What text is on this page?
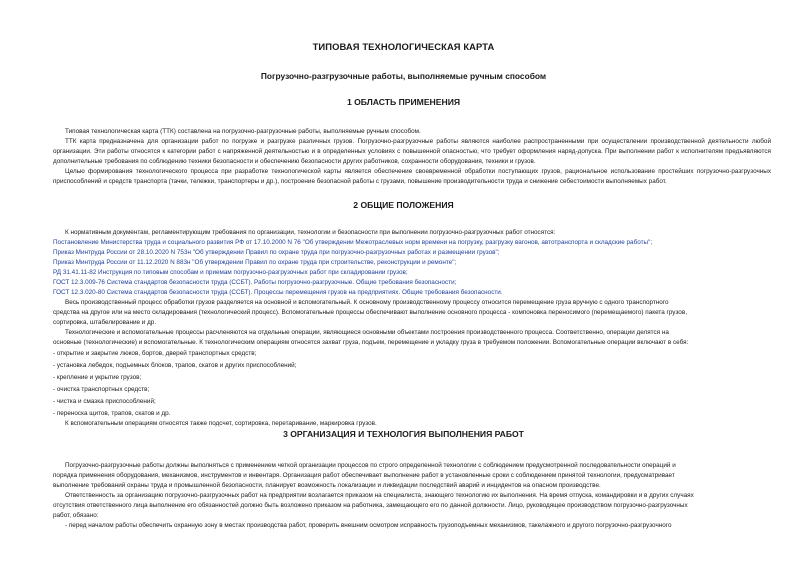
ТИПОВАЯ ТЕХНОЛОГИЧЕСКАЯ КАРТА
Погрузочно-разгрузочные работы, выполняемые ручным способом
1 ОБЛАСТЬ ПРИМЕНЕНИЯ
Типовая технологическая карта (ТТК) составлена на погрузочно-разгрузочные работы, выполняемые ручным способом.
ТТК карта предназначена для организации работ по погрузке и разгрузке различных грузов. Погрузочно-разгрузочные работы являются наиболее распространенными при осуществлении производственной деятельности любой организации. Эти работы относятся к категории работ с напряженной деятельностью и в определенных условиях с повышенной опасностью, что требует оформления наряд-допуска. При выполнении работ к исполнителям предъявляются дополнительные требования по соблюдению техники безопасности и обеспечению безопасности других работников, сохранности оборудования, техники и грузов.
Целью формирования технологического процесса при разработке технологической карты является обеспечение своевременной обработки поступающих грузов, рациональное использование простейших погрузочно-разгрузочных приспособлений и средств транспорта (тачки, тележки, транспортеры и др.), построение безопасной работы с грузами, повышение производительности труда и снижение себестоимости выполняемых работ.
2 ОБЩИЕ ПОЛОЖЕНИЯ
К нормативным документам, регламентирующим требования по организации, технологии и безопасности при выполнении погрузочно-разгрузочных работ относятся:
Постановление Министерства труда и социального развития РФ от 17.10.2000 N 76 "Об утверждении Межотраслевых норм времени на погрузку, разгрузку вагонов, автотранспорта и складские работы";
Приказ Минтруда России от 28.10.2020 N 753н "Об утверждении Правил по охране труда при погрузочно-разгрузочных работах и размещении грузов";
Приказ Минтруда России от 11.12.2020 N 883н "Об утверждении Правил по охране труда при строительстве, реконструкции и ремонте";
РД 31.41.11-82 Инструкция по типовым способам и приемам погрузочно-разгрузочных работ при складировании грузов;
ГОСТ 12.3.009-76 Система стандартов безопасности труда (ССБТ). Работы погрузочно-разгрузочные. Общие требования безопасности;
ГОСТ 12.3.020-80 Система стандартов безопасности труда (ССБТ). Процессы перемещения грузов на предприятиях. Общие требования безопасности.
Весь производственный процесс обработки грузов разделяется на основной и вспомогательный. К основному производственному процессу относится перемещение груза вручную с одного транспортного
средства на другое или на место складирования (технологический процесс). Вспомогательные процессы обеспечивают выполнение основного процесса - компоновка переносимого (перемещаемого) пакета грузов,
сортировка, штабелирование и др.
Технологические и вспомогательные процессы расчленяются на отдельные операции, являющиеся основными объектами построения производственного процесса. Соответственно, операции делятся на
основные (технологические) и вспомогательные. К технологическим операциям относятся захват груза, подъем, перемещение и укладку груза в требуемом положении. Вспомогательные операции включают в себя:
- открытие и закрытие люков, бортов, дверей транспортных средств;
- установка лебедок, подъемных блоков, трапов, скатов и других приспособлений;
- крепление и укрытие грузов;
- очистка транспортных средств;
- чистка и смазка приспособлений;
- переноска щитов, трапов, скатов и др.
К вспомогательным операциям относятся также подсчет, сортировка, перетаривание, маркировка грузов.
3 ОРГАНИЗАЦИЯ И ТЕХНОЛОГИЯ ВЫПОЛНЕНИЯ РАБОТ
Погрузочно-разгрузочные работы должны выполняться с применением четкой организации процессов по строго определенной технологии с соблюдением предусмотренной последовательности операций и
порядка применения оборудования, механизмов, инструментов и инвентаря. Организация работ обеспечивает выполнение работ в установленные сроки с соблюдением принятой технологии, предусматривает
выполнение требований охраны труда и промышленной безопасности, планирует возможность локализации и ликвидации последствий аварий и инцидентов на опасном производстве.
Ответственность за организацию погрузочно-разгрузочных работ на предприятии возлагается приказом на специалиста, знающего технологию их выполнения. На время отпуска, командировки и в других случаях
отсутствия ответственного лица выполнение его обязанностей должно быть возложено приказом на работника, замещающего его по данной должности. Лицо, руководящее производством погрузочно-разгрузочных
работ, обязано:
- перед началом работы обеспечить охранную зону в местах производства работ, проверить внешним осмотром исправность грузоподъемных механизмов, такелажного и другого погрузочно-разгрузочного
